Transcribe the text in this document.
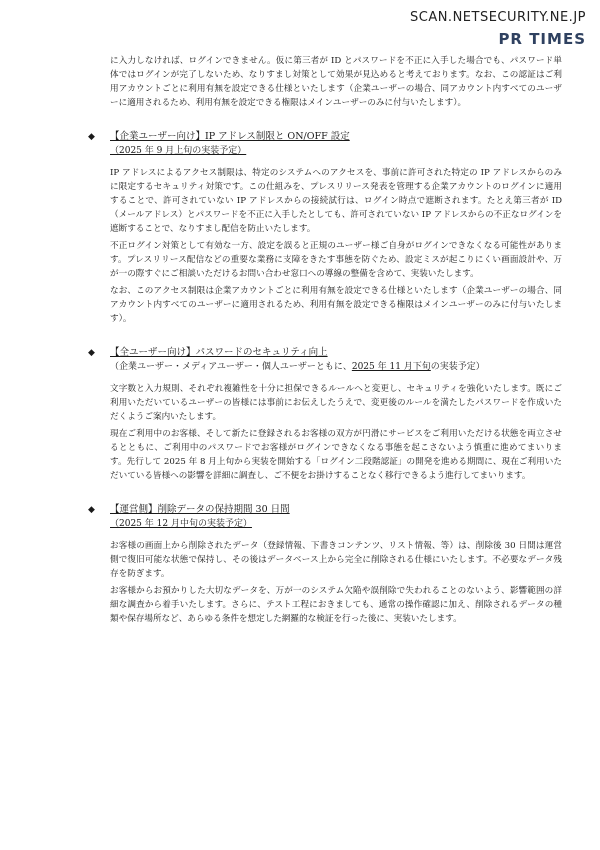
SCAN.NETSECURITY.NE.JP
PR TIMES

に入力しなければ、ログインできません。仮に第三者が ID とパスワードを不正に入手した場合でも、パスワード単体ではログインが完了しないため、なりすまし対策として効果が見込めると考えております。なお、この認証はご利用アカウントごとに利用有無を設定できる仕様といたします（企業ユーザーの場合、同アカウント内すべてのユーザーに適用されるため、利用有無を設定できる権限はメインユーザーのみに付与いたします）。

◆ 【企業ユーザー向け】IP アドレス制限と ON/OFF 設定

（2025 年 9 月上旬の実装予定）

IP アドレスによるアクセス制限は、特定のシステムへのアクセスを、事前に許可された特定の IP アドレスからのみに限定するセキュリティ対策です。この仕組みを、プレスリリース発表を管理する企業アカウントのログインに適用することで、許可されていない IP アドレスからの接続試行は、ログイン時点で遮断されます。たとえ第三者が ID（メールアドレス）とパスワードを不正に入手したとしても、許可されていない IP アドレスからの不正なログインを遮断することで、なりすまし配信を防止いたします。

不正ログイン対策として有効な一方、設定を誤ると正規のユーザー様ご自身がログインできなくなる可能性があります。プレスリリース配信などの重要な業務に支障をきたす事態を防ぐため、設定ミスが起こりにくい画面設計や、万が一の際すぐにご相談いただけるお問い合わせ窓口への導線の整備を含めて、実装いたします。

なお、このアクセス制限は企業アカウントごとに利用有無を設定できる仕様といたします（企業ユーザーの場合、同アカウント内すべてのユーザーに適用されるため、利用有無を設定できる権限はメインユーザーのみに付与いたします）。

◆ 【全ユーザー向け】パスワードのセキュリティ向上

（企業ユーザー・メディアユーザー・個人ユーザーともに、2025 年 11 月下旬の実装予定）

文字数と入力規則、それぞれ複雑性を十分に担保できるルールへと変更し、セキュリティを強化いたします。既にご利用いただいているユーザーの皆様には事前にお伝えしたうえで、変更後のルールを満たしたパスワードを作成いただくようご案内いたします。

現在ご利用中のお客様、そして新たに登録されるお客様の双方が円滑にサービスをご利用いただける状態を両立させるとともに、ご利用中のパスワードでお客様がログインできなくなる事態を起こさないよう慎重に進めてまいります。先行して 2025 年 8 月上旬から実装を開始する「ログイン二段階認証」の開発を進める期間に、現在ご利用いただいている皆様への影響を詳細に調査し、ご不便をお掛けすることなく移行できるよう進行してまいります。

◆ 【運営側】削除データの保持期間 30 日間

（2025 年 12 月中旬の実装予定）

お客様の画面上から削除されたデータ（登録情報、下書きコンテンツ、リスト情報、等）は、削除後 30 日間は運営側で復旧可能な状態で保持し、その後はデータベース上から完全に削除される仕様にいたします。不必要なデータ残存を防ぎます。

お客様からお預かりした大切なデータを、万が一のシステム欠陥や誤削除で失われることのないよう、影響範囲の詳細な調査から着手いたします。さらに、テスト工程におきましても、通常の操作確認に加え、削除されるデータの種類や保存場所など、あらゆる条件を想定した網羅的な検証を行った後に、実装いたします。
